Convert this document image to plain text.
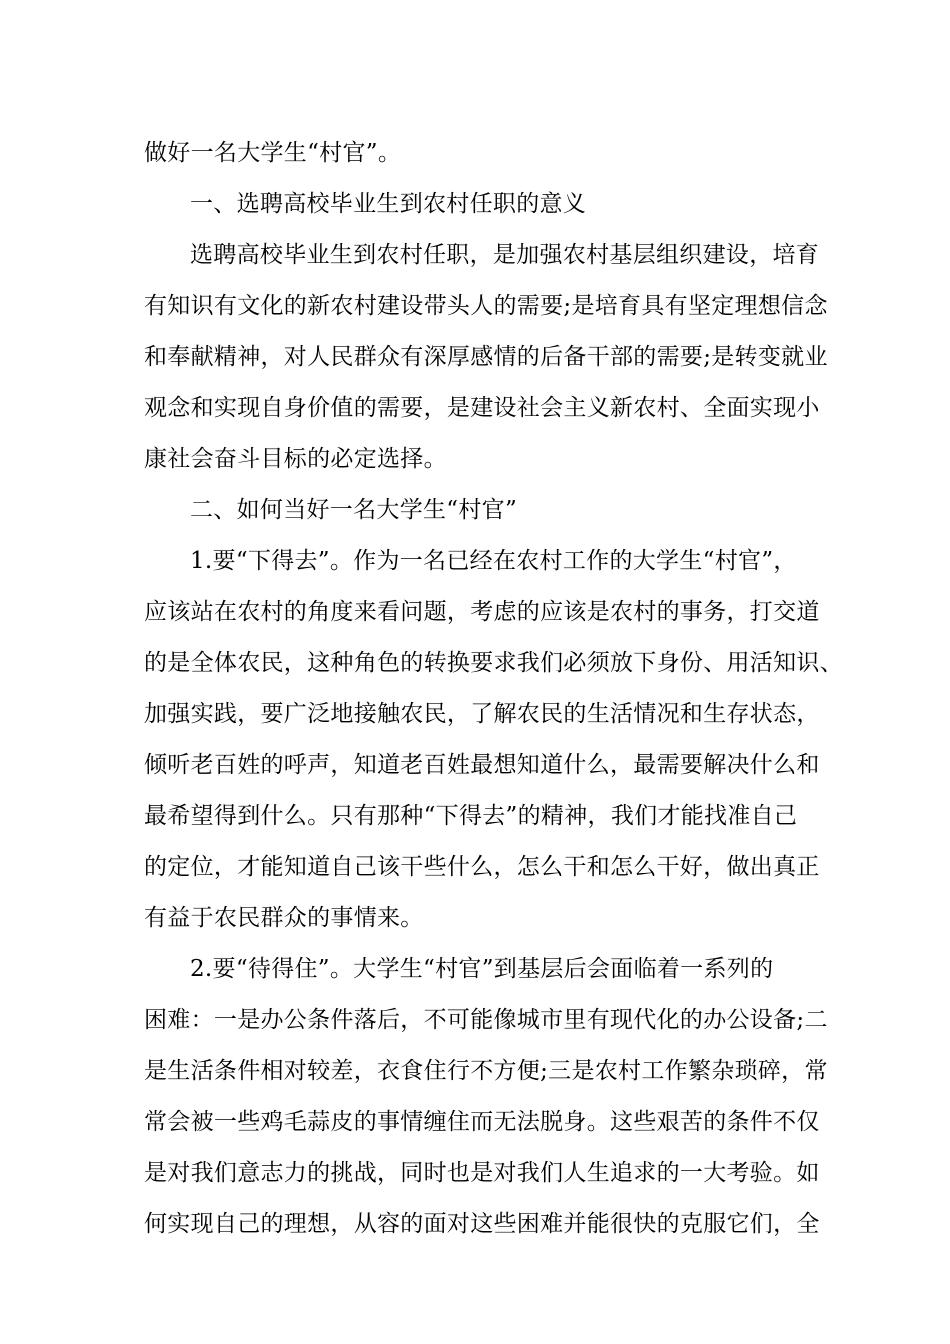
做好一名大学生“村官”。
一、选聘高校毕业生到农村任职的意义
选聘高校毕业生到农村任职，是加强农村基层组织建设，培育
有知识有文化的新农村建设带头人的需要;是培育具有坚定理想信念
和奉献精神，对人民群众有深厚感情的后备干部的需要;是转变就业
观念和实现自身价值的需要，是建设社会主义新农村、全面实现小
康社会奋斗目标的必定选择。
二、如何当好一名大学生“村官”
1.要“下得去”。作为一名已经在农村工作的大学生“村官”，
应该站在农村的角度来看问题，考虑的应该是农村的事务，打交道
的是全体农民，这种角色的转换要求我们必须放下身份、用活知识、
加强实践，要广泛地接触农民，了解农民的生活情况和生存状态，
倾听老百姓的呼声，知道老百姓最想知道什么，最需要解决什么和
最希望得到什么。只有那种“下得去”的精神，我们才能找准自己
的定位，才能知道自己该干些什么，怎么干和怎么干好，做出真正
有益于农民群众的事情来。
2.要“待得住”。大学生“村官”到基层后会面临着一系列的
困难：一是办公条件落后，不可能像城市里有现代化的办公设备;二
是生活条件相对较差，衣食住行不方便;三是农村工作繁杂琐碎，常
常会被一些鸡毛蒜皮的事情缠住而无法脱身。这些艰苦的条件不仅
是对我们意志力的挑战，同时也是对我们人生追求的一大考验。如
何实现自己的理想，从容的面对这些困难并能很快的克服它们，全
